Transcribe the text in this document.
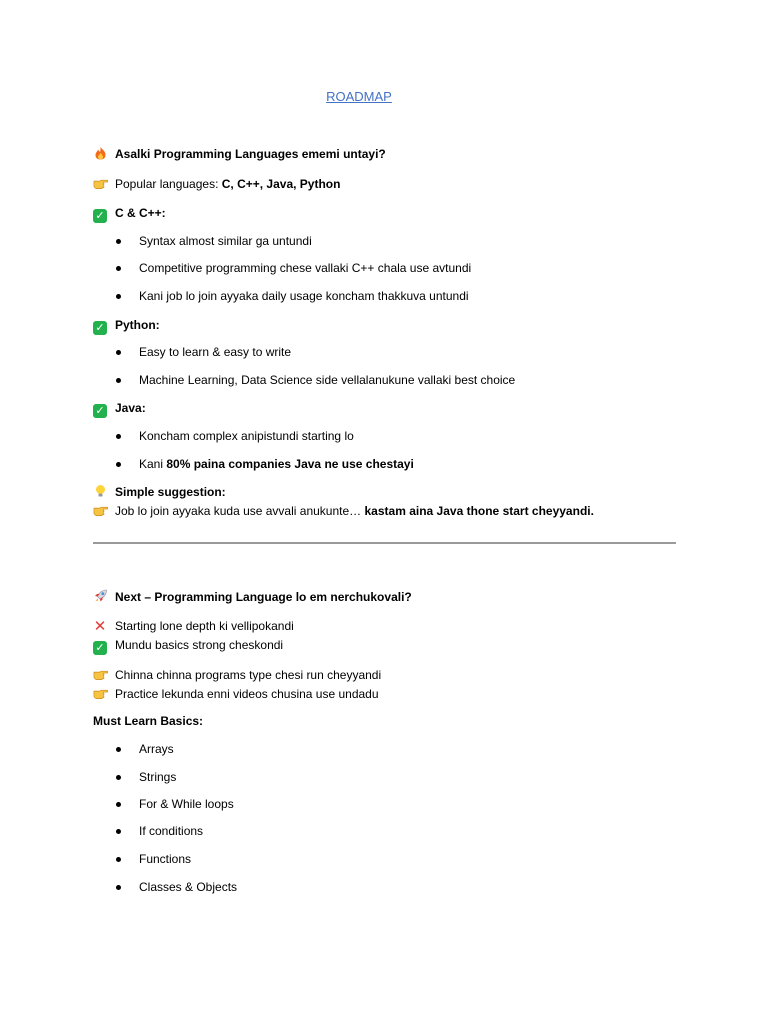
ROADMAP
Asalki Programming Languages ememi untayi?
Popular languages: C, C++, Java, Python
✓ C & C++:
Syntax almost similar ga untundi
Competitive programming chese vallaki C++ chala use avtundi
Kani job lo join ayyaka daily usage koncham thakkuva untundi
✓ Python:
Easy to learn & easy to write
Machine Learning, Data Science side vellalanukune vallaki best choice
✓ Java:
Koncham complex anipistundi starting lo
Kani 80% paina companies Java ne use chestayi
Simple suggestion:
Job lo join ayyaka kuda use avvali anukunte… kastam aina Java thone start cheyyandi.
Next – Programming Language lo em nerchukovali?
✕ Starting lone depth ki vellipokandi
✓ Mundu basics strong cheskondi
Chinna chinna programs type chesi run cheyyandi
Practice lekunda enni videos chusina use undadu
Must Learn Basics:
Arrays
Strings
For & While loops
If conditions
Functions
Classes & Objects
